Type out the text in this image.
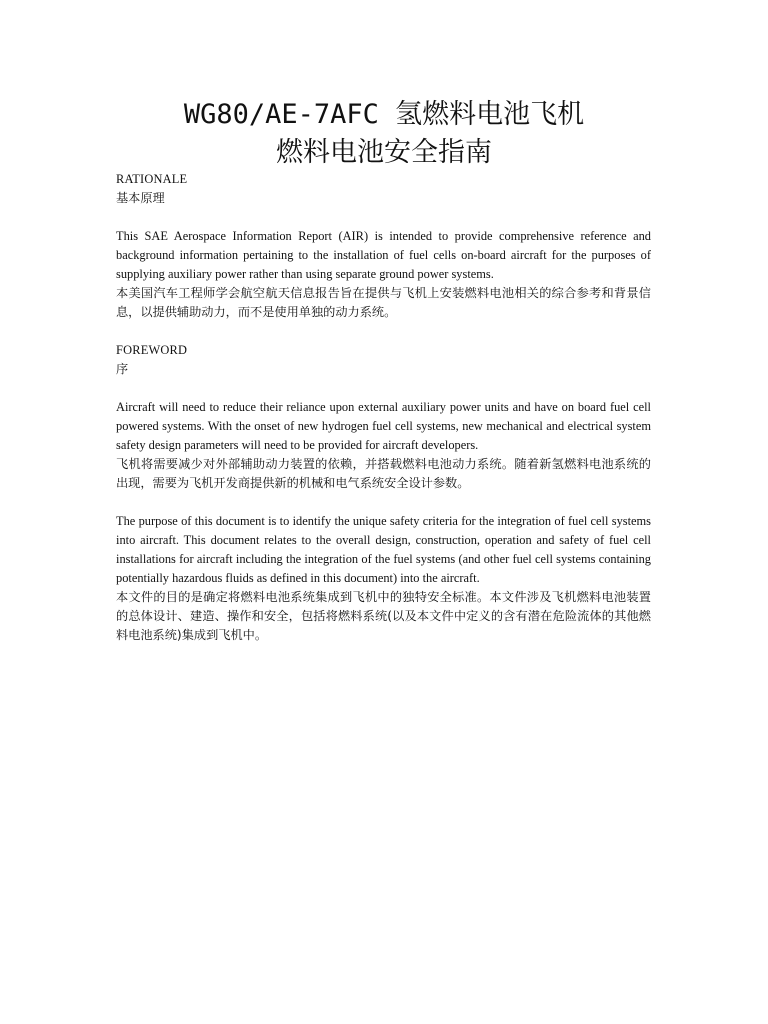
WG80/AE-7AFC 氢燃料电池飞机
燃料电池安全指南

RATIONALE

基本原理

This SAE Aerospace Information Report (AIR) is intended to provide comprehensive reference and background information pertaining to the installation of fuel cells on-board aircraft for the purposes of supplying auxiliary power rather than using separate ground power systems.

本美国汽车工程师学会航空航天信息报告旨在提供与飞机上安装燃料电池相关的综合参考和背景信息，以提供辅助动力，而不是使用单独的动力系统。

FOREWORD

序

Aircraft will need to reduce their reliance upon external auxiliary power units and have on board fuel cell powered systems. With the onset of new hydrogen fuel cell systems, new mechanical and electrical system safety design parameters will need to be provided for aircraft developers.

飞机将需要减少对外部辅助动力装置的依赖，并搭载燃料电池动力系统。随着新氢燃料电池系统的出现，需要为飞机开发商提供新的机械和电气系统安全设计参数。

The purpose of this document is to identify the unique safety criteria for the integration of fuel cell systems into aircraft. This document relates to the overall design, construction, operation and safety of fuel cell installations for aircraft including the integration of the fuel systems (and other fuel cell systems containing potentially hazardous fluids as defined in this document) into the aircraft.

本文件的目的是确定将燃料电池系统集成到飞机中的独特安全标准。本文件涉及飞机燃料电池装置的总体设计、建造、操作和安全，包括将燃料系统(以及本文件中定义的含有潜在危险流体的其他燃料电池系统)集成到飞机中。
